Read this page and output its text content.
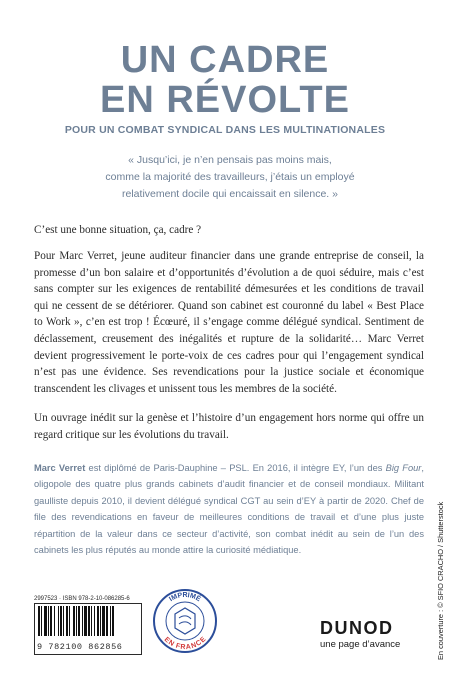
UN CADRE
EN RÉVOLTE
POUR UN COMBAT SYNDICAL DANS LES MULTINATIONALES
« Jusqu’ici, je n’en pensais pas moins mais,
comme la majorité des travailleurs, j’étais un employé
relativement docile qui encaissait en silence. »

C’est une bonne situation, ça, cadre ?

Pour Marc Verret, jeune auditeur financier dans une grande entreprise de conseil, la promesse d’un bon salaire et d’opportunités d’évolution a de quoi séduire, mais c’est sans compter sur les exigences de rentabilité démesurées et les conditions de travail qui ne cessent de se détériorer. Quand son cabinet est couronné du label « Best Place to Work », c’en est trop ! Écœuré, il s’engage comme délégué syndical. Sentiment de déclassement, creusement des inégalités et rupture de la solidarité… Marc Verret devient progressivement le porte-voix de ces cadres pour qui l’engagement syndical n’est pas une évidence. Ses revendications pour la justice sociale et économique transcendent les clivages et unissent tous les membres de la société.

Un ouvrage inédit sur la genèse et l’histoire d’un engagement hors norme qui offre un regard critique sur les évolutions du travail.

Marc Verret est diplômé de Paris-Dauphine – PSL. En 2016, il intègre EY, l’un des Big Four, oligopole des quatre plus grands cabinets d’audit financier et de conseil mondiaux. Militant gaulliste depuis 2010, il devient délégué syndical CGT au sein d’EY à partir de 2020. Chef de file des revendications en faveur de meilleures conditions de travail et d’une plus juste répartition de la valeur dans ce secteur d’activité, son combat inédit au sein de l’un des cabinets les plus réputés au monde attire la curiosité médiatique.

2997523 · ISBN 978-2-10-086285-6
9 782100 862856
IMPRIMÉ
EN FRANCE
DUNOD
une page d’avance	En couverture : © SFIO CRACHO / Shutterstock
